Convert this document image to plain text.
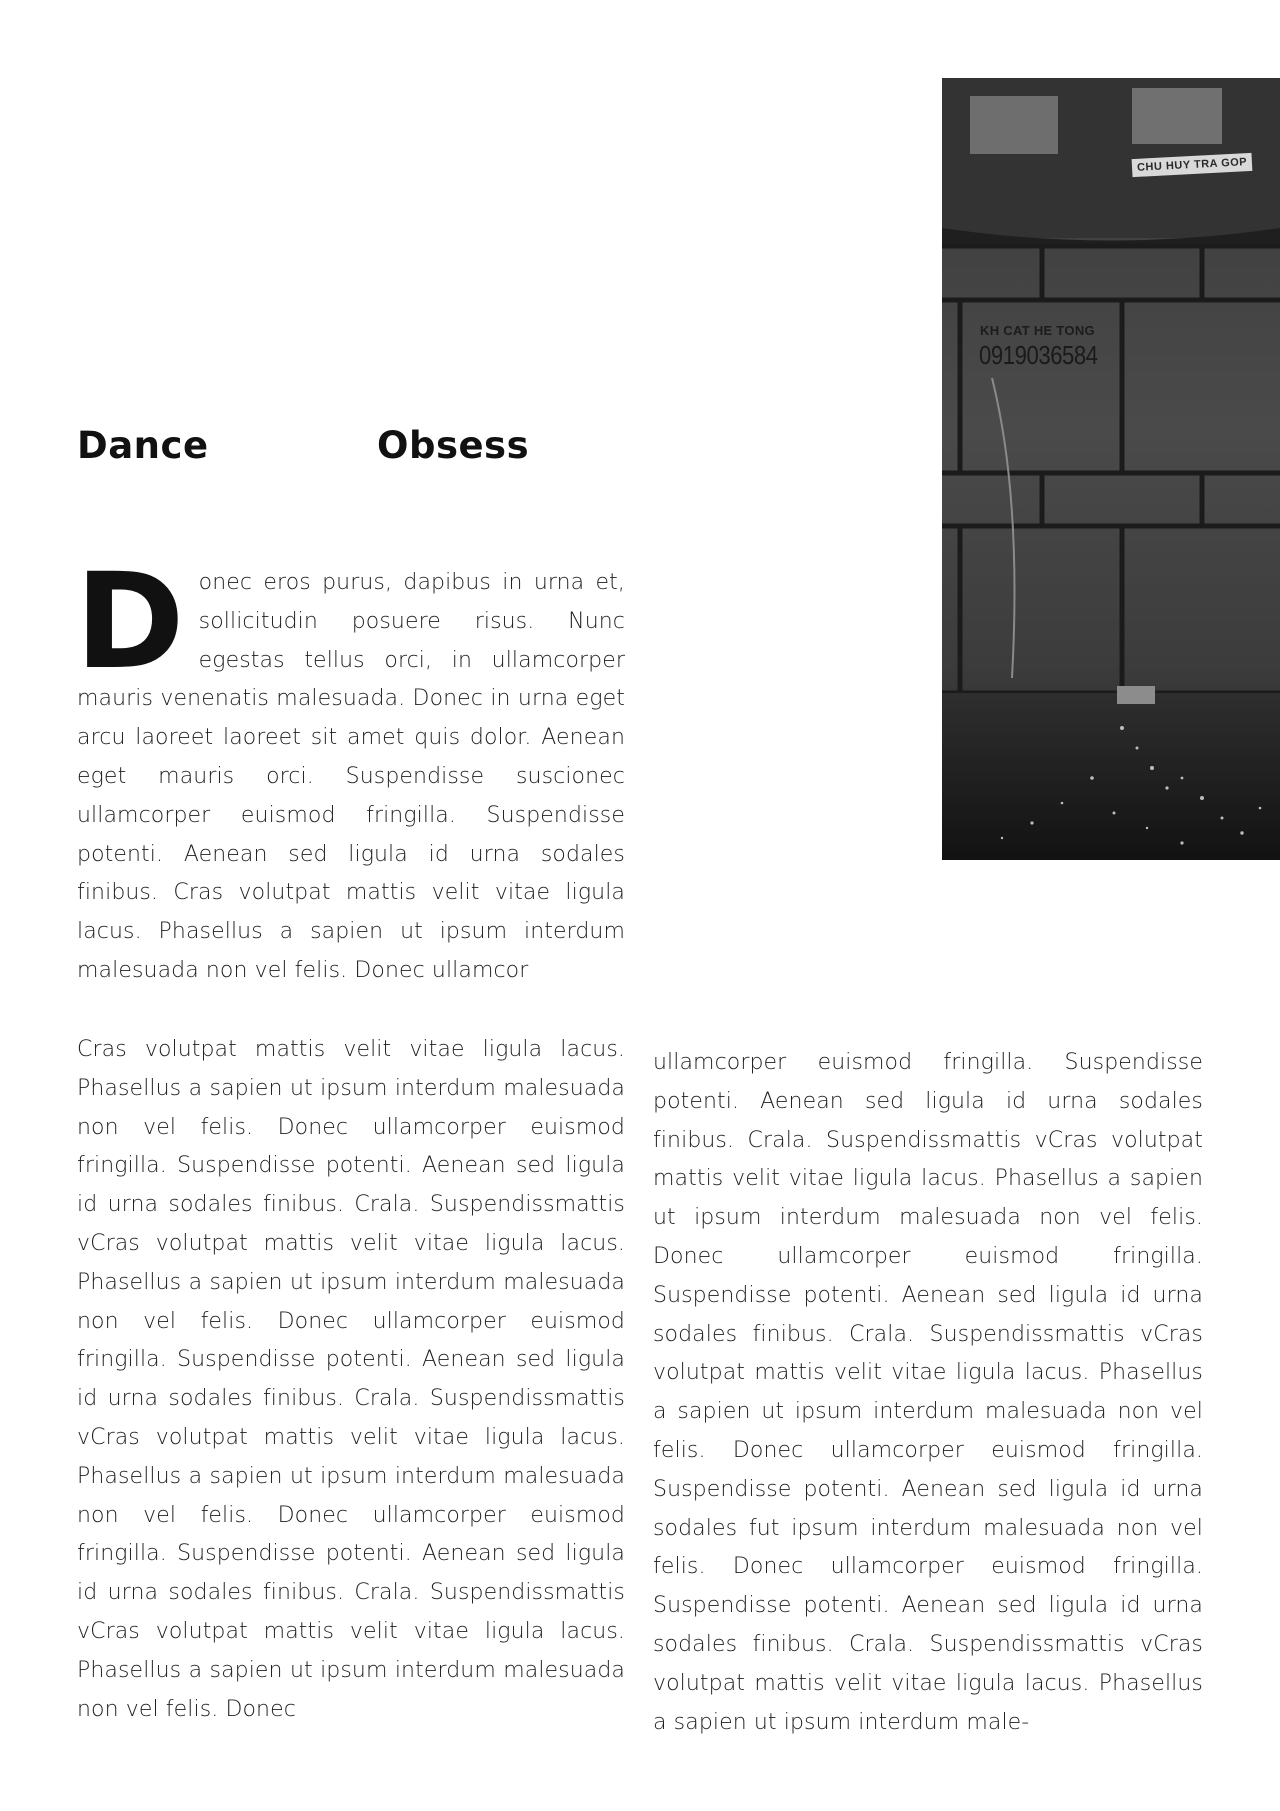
CHU HUY TRA GOP
KH CAT HE TONG
0919036584
Dance	Obsess

Donec eros purus, dapibus in urna et, sollicitudin posuere risus. Nunc egestas tellus orci, in ullamcorper mauris venenatis malesuada. Donec in urna eget arcu laoreet laoreet sit amet quis dolor. Aenean eget mauris orci. Suspendisse suscionec ullamcorper euismod fringilla. Suspendisse potenti. Aenean sed ligula id urna sodales finibus. Cras volutpat mattis velit vitae ligula lacus. Phasellus a sapien ut ipsum interdum malesuada non vel felis. Donec ullamcor

Cras volutpat mattis velit vitae ligula lacus. Phasellus a sapien ut ipsum interdum malesuada non vel felis. Donec ullamcorper euismod fringilla. Suspendisse potenti. Aenean sed ligula id urna sodales finibus. Crala. Suspendissmattis vCras volutpat mattis velit vitae ligula lacus. Phasellus a sapien ut ipsum interdum malesuada non vel felis. Donec ullamcorper euismod fringilla. Suspendisse potenti. Aenean sed ligula id urna sodales finibus. Crala. Suspendissmattis vCras volutpat mattis velit vitae ligula lacus. Phasellus a sapien ut ipsum interdum malesuada non vel felis. Donec ullamcorper euismod fringilla. Suspendisse potenti. Aenean sed ligula id urna sodales finibus. Crala. Suspendissmattis vCras volutpat mattis velit vitae ligula lacus. Phasellus a sapien ut ipsum interdum malesuada non vel felis. Donec

ullamcorper euismod fringilla. Suspendisse potenti. Aenean sed ligula id urna sodales finibus. Crala. Suspendissmattis vCras volutpat mattis velit vitae ligula lacus. Phasellus a sapien ut ipsum interdum malesuada non vel felis. Donec ullamcorper euismod fringilla. Suspendisse potenti. Aenean sed ligula id urna sodales finibus. Crala. Suspendissmattis vCras volutpat mattis velit vitae ligula lacus. Phasellus a sapien ut ipsum interdum malesuada non vel felis. Donec ullamcorper euismod fringilla. Suspendisse potenti. Aenean sed ligula id urna sodales fut ipsum interdum malesuada non vel felis. Donec ullamcorper euismod fringilla. Suspendisse potenti. Aenean sed ligula id urna sodales finibus. Crala. Suspendissmattis vCras volutpat mattis velit vitae ligula lacus. Phasellus a sapien ut ipsum interdum male-
